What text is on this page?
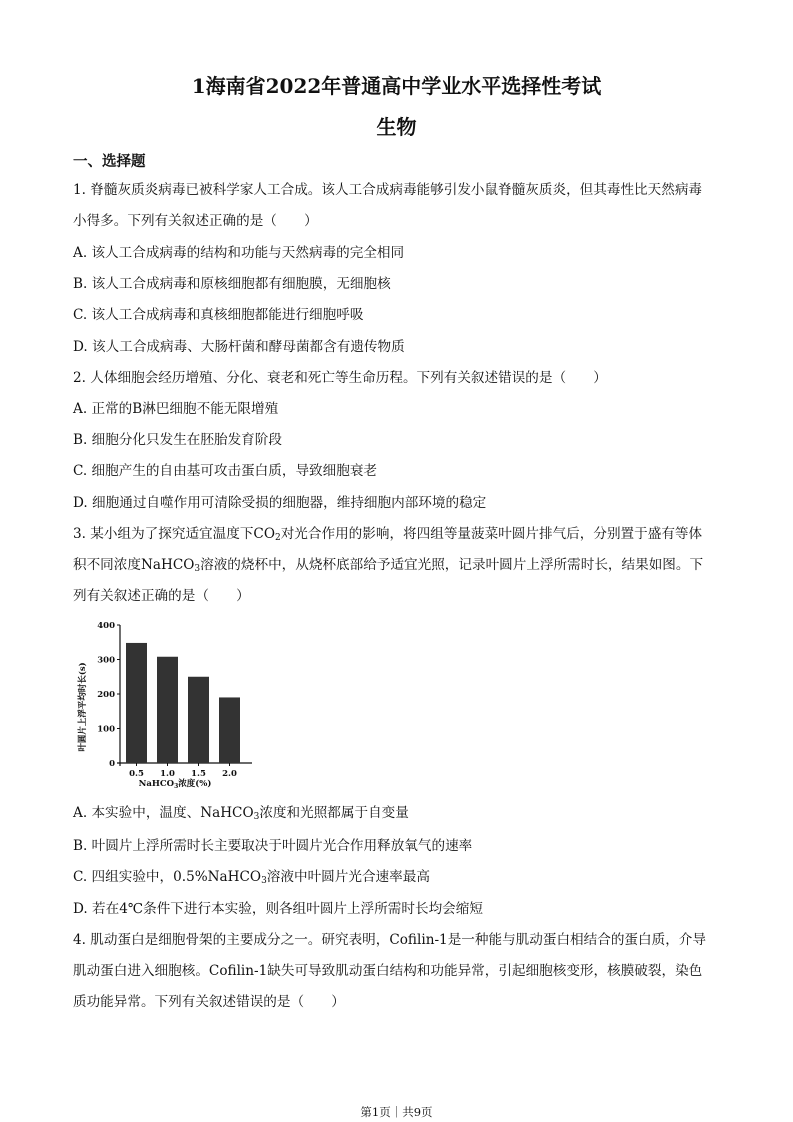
1海南省2022年普通高中学业水平选择性考试
生物
一、选择题
1. 脊髓灰质炎病毒已被科学家人工合成。该人工合成病毒能够引发小鼠脊髓灰质炎，但其毒性比天然病毒
小得多。下列有关叙述正确的是（　　）
A. 该人工合成病毒的结构和功能与天然病毒的完全相同
B. 该人工合成病毒和原核细胞都有细胞膜，无细胞核
C. 该人工合成病毒和真核细胞都能进行细胞呼吸
D. 该人工合成病毒、大肠杆菌和酵母菌都含有遗传物质
2. 人体细胞会经历增殖、分化、衰老和死亡等生命历程。下列有关叙述错误的是（　　）
A. 正常的B淋巴细胞不能无限增殖
B. 细胞分化只发生在胚胎发育阶段
C. 细胞产生的自由基可攻击蛋白质，导致细胞衰老
D. 细胞通过自噬作用可清除受损的细胞器，维持细胞内部环境的稳定
3. 某小组为了探究适宜温度下$CO_2$对光合作用的影响，将四组等量菠菜叶圆片排气后，分别置于盛有等体
积不同浓度NaHCO$_3$溶液的烧杯中，从烧杯底部给予适宜光照，记录叶圆片上浮所需时长，结果如图。下
列有关叙述正确的是（　　）
0
100
200
300
400
0.5 1.0 1.5 2.0
叶圆片上浮平均时长(s)
NaHCO$_3$浓度(%)
A. 本实验中，温度、NaHCO$_3$浓度和光照都属于自变量
B. 叶圆片上浮所需时长主要取决于叶圆片光合作用释放氧气的速率
C. 四组实验中，0.5%NaHCO$_3$溶液中叶圆片光合速率最高
D. 若在4℃条件下进行本实验，则各组叶圆片上浮所需时长均会缩短
4. 肌动蛋白是细胞骨架的主要成分之一。研究表明，Cofilin-1是一种能与肌动蛋白相结合的蛋白质，介导
肌动蛋白进入细胞核。Cofilin-1缺失可导致肌动蛋白结构和功能异常，引起细胞核变形，核膜破裂，染色
质功能异常。下列有关叙述错误的是（　　）
第1页｜共9页
